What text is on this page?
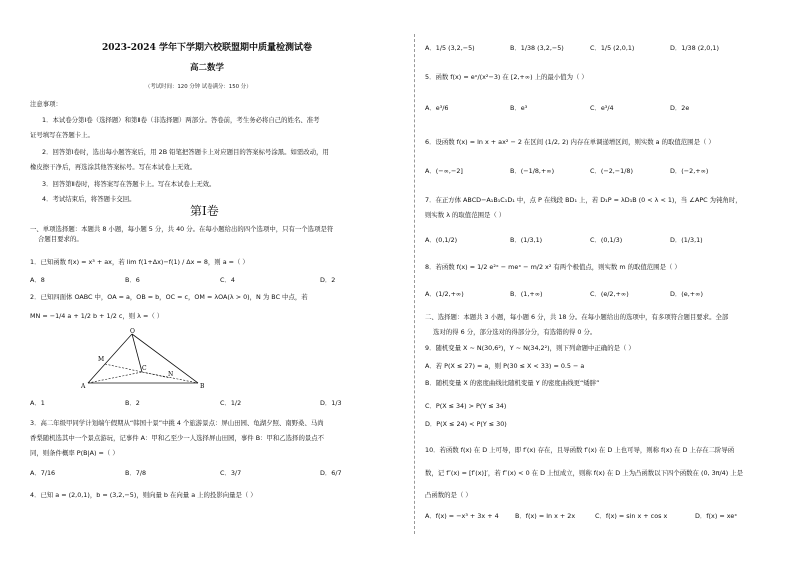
2023-2024 学年下学期六校联盟期中质量检测试卷
高二数学
（考试时间：120 分钟 试卷满分：150 分）
注意事项：
1．本试卷分第Ⅰ卷（选择题）和第Ⅱ卷（非选择题）两部分。答卷前，考生务必将自己的姓名、准考
证号填写在答题卡上。
2．回答第Ⅰ卷时，选出每小题答案后，用 2B 铅笔把答题卡上对应题目的答案标号涂黑。如需改动，用
橡皮擦干净后，再选涂其他答案标号。写在本试卷上无效。
3．回答第Ⅱ卷时，将答案写在答题卡上。写在本试卷上无效。
4．考试结束后，将答题卡交回。
第Ⅰ卷
一、单项选择题：本题共 8 小题，每小题 5 分，共 40 分。在每小题给出的四个选项中，只有一个选项是符
合题目要求的。
1．已知函数 f(x) = x³ + ax，若 lim f(1+Δx)−f(1) / Δx = 8，则 a =（ ）
A．8	B．6	C．4	D．2
2．已知四面体 OABC 中，OA = a，OB = b，OC = c，OM = λOA(λ > 0)，N 为 BC 中点，若
MN = −1/4 a + 1/2 b + 1/2 c，则 λ =（ ）
O
M
A
C
N
B
A．1	B．2	C．1/2	D．1/3
3．高二年级甲同学计划端午假期从“韩国十景”中挑 4 个旅游景点：屏山田园、龟湖夕照、南野桑、马尚
香梨随机选其中一个景点游玩，记事件 A：甲和乙至少一人选择屏山田园，事件 B：甲和乙选择的景点不
同，则条件概率 P(B|A) =（ ）
A．7/16	B．7/8	C．3/7	D．6/7
4．已知 a = (2,0,1)，b = (3,2,−5)，则向量 b 在向量 a 上的投影向量是（ ）
A．1/5 (3,2,−5)	B．1/38 (3,2,−5)	C．1/5 (2,0,1)	D．1/38 (2,0,1)
5．函数 f(x) = eˣ/(x²−3) 在 [2,+∞) 上的最小值为（ ）
A．e³/6	B．e³	C．e³/4	D．2e
6．设函数 f(x) = ln x + ax² − 2 在区间 (1/2, 2) 内存在单调递增区间，则实数 a 的取值范围是（ ）
A．(−∞,−2]	B．(−1/8,+∞)	C．(−2,−1/8)	D．(−2,+∞)
7．在正方体 ABCD−A₁B₁C₁D₁ 中，点 P 在线段 BD₁ 上，若 D₁P = λD₁B (0 < λ < 1)，当 ∠APC 为钝角时，
则实数 λ 的取值范围是（ ）
A．(0,1/2)	B．(1/3,1)	C．(0,1/3)	D．(1/3,1)
8．若函数 f(x) = 1/2 e²ˣ − meˣ − m/2 x² 有两个极值点，则实数 m 的取值范围是（ ）
A．(1/2,+∞)	B．(1,+∞)	C．(e/2,+∞)	D．(e,+∞)
二、选择题：本题共 3 小题，每小题 6 分，共 18 分。在每小题给出的选项中，有多项符合题目要求。全部
选对的得 6 分，部分选对的得部分分，有选错的得 0 分。
9．随机变量 X ~ N(30,6²)，Y ~ N(34,2²)，则下列命题中正确的是（ ）
A．若 P(X ≤ 27) = a，则 P(30 ≤ X < 33) = 0.5 − a
B．随机变量 X 的密度曲线比随机变量 Y 的密度曲线更“矮胖”
C．P(X ≤ 34) > P(Y ≤ 34)
D．P(X ≤ 24) < P(Y ≤ 30)
10．若函数 f(x) 在 D 上可导，即 f′(x) 存在，且导函数 f′(x) 在 D 上也可导，则称 f(x) 在 D 上存在二阶导函
数，记 f″(x) = [f′(x)]′，若 f″(x) < 0 在 D 上恒成立，则称 f(x) 在 D 上为凸函数以下四个函数在 (0, 3π/4) 上是
凸函数的是（ ）
A．f(x) = −x³ + 3x + 4	B．f(x) = ln x + 2x	C．f(x) = sin x + cos x	D．f(x) = xeˣ
